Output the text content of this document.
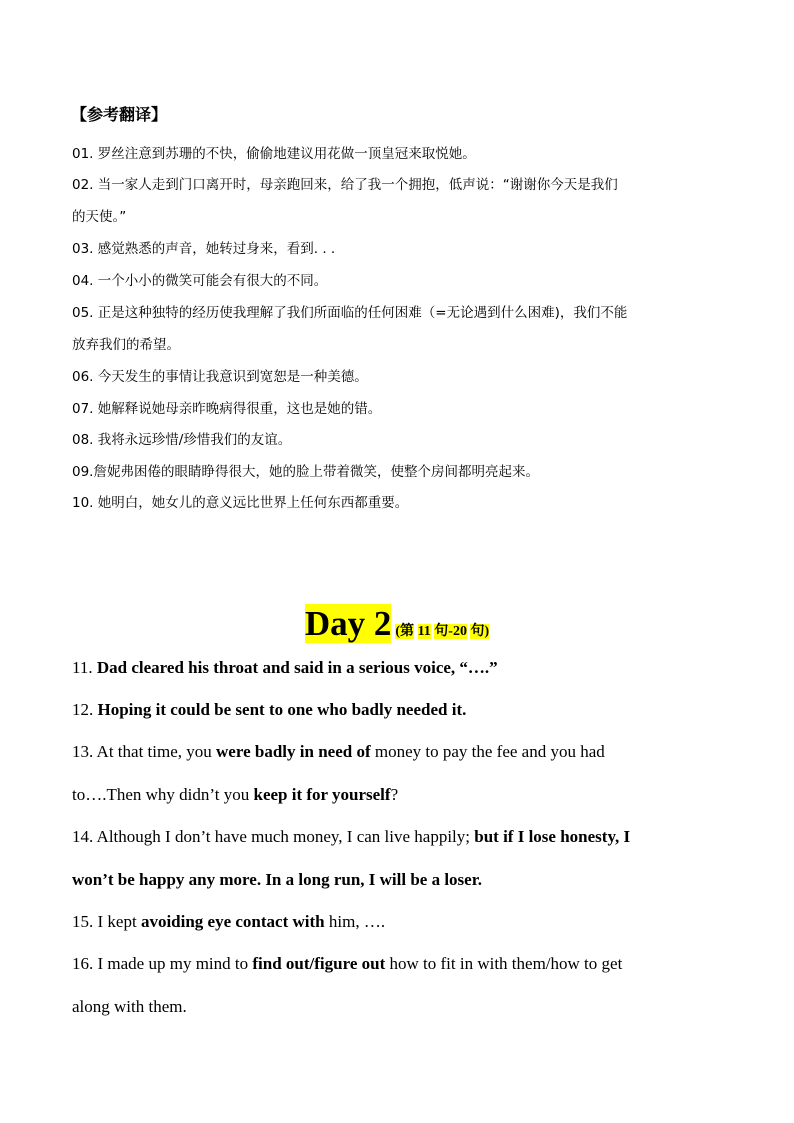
【参考翻译】
01. 罗丝注意到苏珊的不快，偷偷地建议用花做一顶皇冠来取悦她。
02. 当一家人走到门口离开时，母亲跑回来，给了我一个拥抱，低声说：“谢谢你今天是我们
的天使。”
03. 感觉熟悉的声音，她转过身来，看到. . .
04. 一个小小的微笑可能会有很大的不同。
05. 正是这种独特的经历使我理解了我们所面临的任何困难（=无论遇到什么困难)，我们不能
放弃我们的希望。
06. 今天发生的事情让我意识到宽恕是一种美德。
07. 她解释说她母亲昨晚病得很重，这也是她的错。
08. 我将永远珍惜/珍惜我们的友谊。
09.詹妮弗困倦的眼睛睁得很大，她的脸上带着微笑，使整个房间都明亮起来。
10. 她明白，她女儿的意义远比世界上任何东西都重要。
Day 2 (第 11 句-20 句)
11. Dad cleared his throat and said in a serious voice, “….”
12. Hoping it could be sent to one who badly needed it.
13. At that time, you were badly in need of money to pay the fee and you had
to….Then why didn’t you keep it for yourself?
14. Although I don’t have much money, I can live happily; but if I lose honesty, I
won’t be happy any more. In a long run, I will be a loser.
15. I kept avoiding eye contact with him, ….
16. I made up my mind to find out/figure out how to fit in with them/how to get
along with them.
